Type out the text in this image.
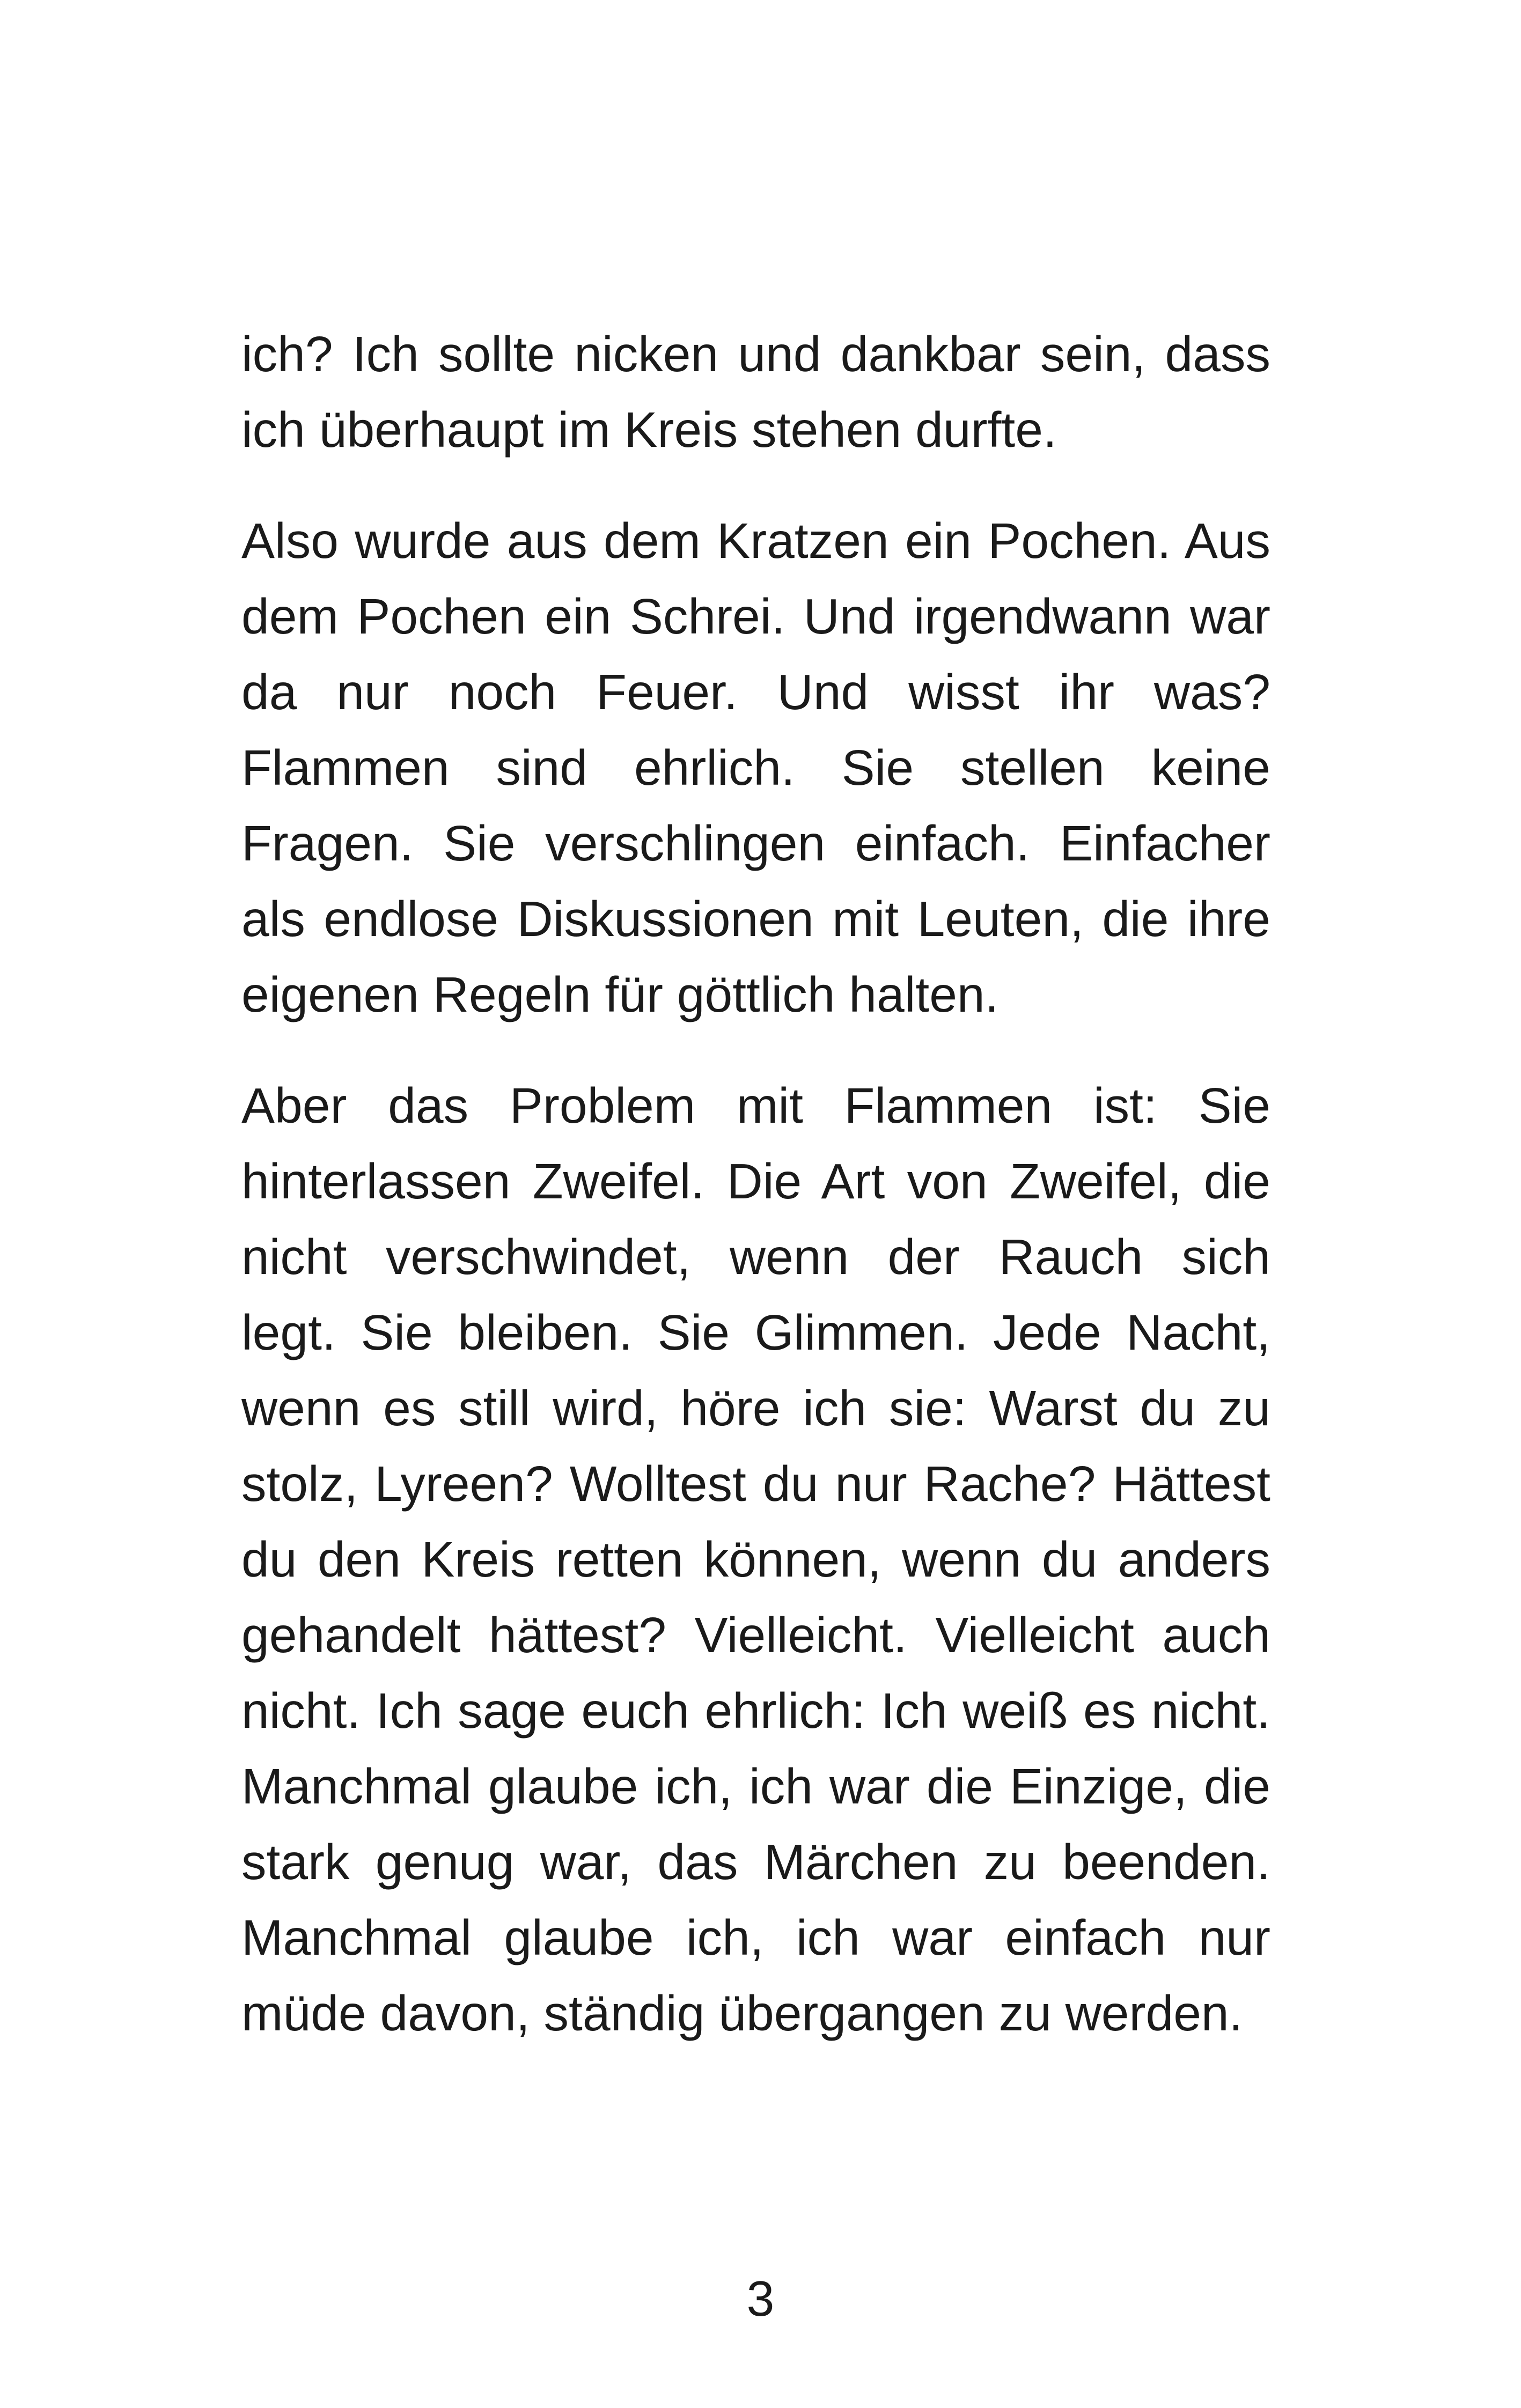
ich? Ich sollte nicken und dankbar sein, dass
ich überhaupt im Kreis stehen durfte.

Also wurde aus dem Kratzen ein Pochen. Aus
dem Pochen ein Schrei. Und irgendwann war
da nur noch Feuer. Und wisst ihr was?
Flammen sind ehrlich. Sie stellen keine
Fragen. Sie verschlingen einfach. Einfacher
als endlose Diskussionen mit Leuten, die ihre
eigenen Regeln für göttlich halten.

Aber das Problem mit Flammen ist: Sie
hinterlassen Zweifel. Die Art von Zweifel, die
nicht verschwindet, wenn der Rauch sich
legt. Sie bleiben. Sie Glimmen. Jede Nacht,
wenn es still wird, höre ich sie: Warst du zu
stolz, Lyreen? Wolltest du nur Rache? Hättest
du den Kreis retten können, wenn du anders
gehandelt hättest? Vielleicht. Vielleicht auch
nicht. Ich sage euch ehrlich: Ich weiß es nicht.
Manchmal glaube ich, ich war die Einzige, die
stark genug war, das Märchen zu beenden.
Manchmal glaube ich, ich war einfach nur
müde davon, ständig übergangen zu werden.

3
